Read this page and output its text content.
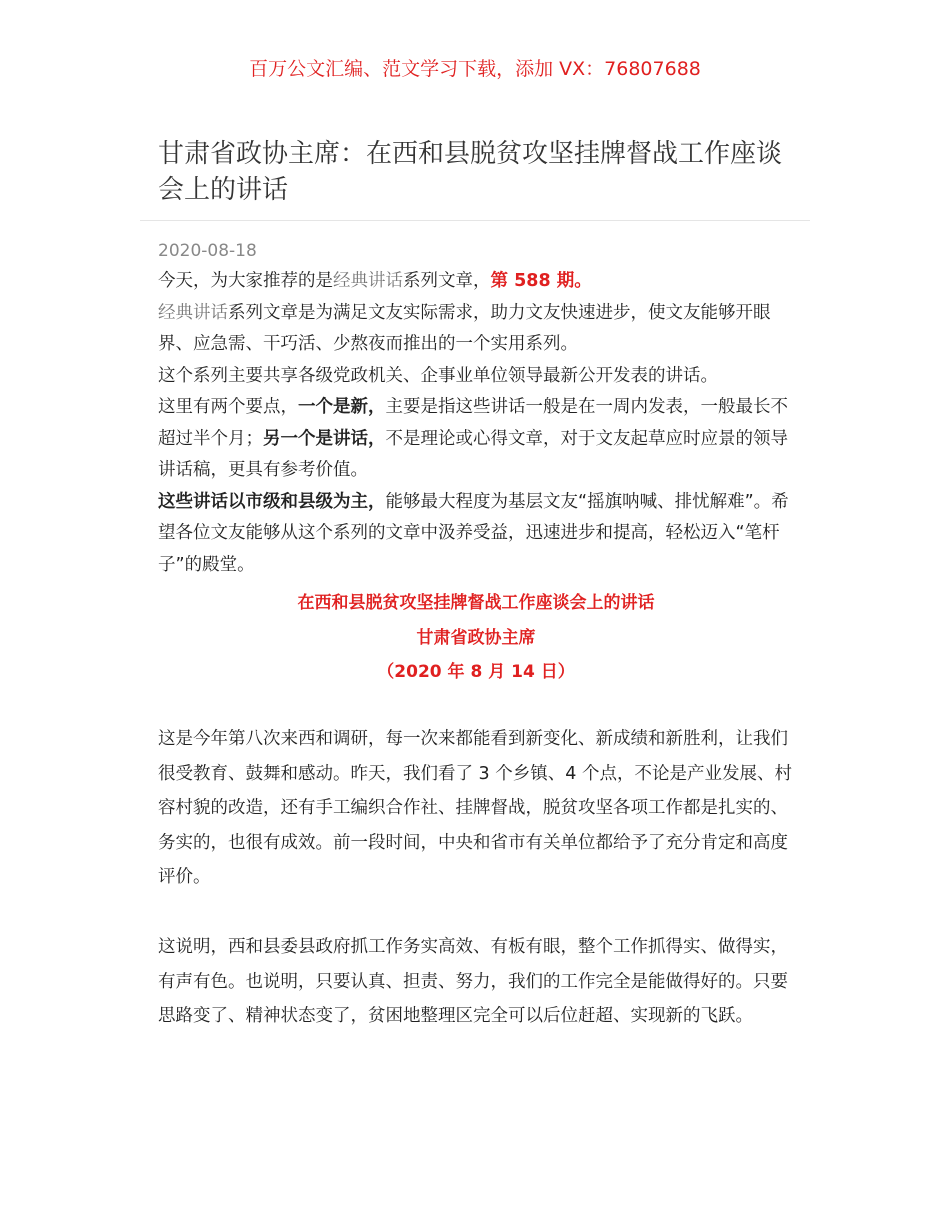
百万公文汇编、范文学习下载，添加 VX：76807688
甘肃省政协主席：在西和县脱贫攻坚挂牌督战工作座谈会上的讲话
2020-08-18

今天，为大家推荐的是经典讲话系列文章，第 588 期。

经典讲话系列文章是为满足文友实际需求，助力文友快速进步，使文友能够开眼界、应急需、干巧活、少熬夜而推出的一个实用系列。

这个系列主要共享各级党政机关、企事业单位领导最新公开发表的讲话。

这里有两个要点，一个是新，主要是指这些讲话一般是在一周内发表，一般最长不超过半个月；另一个是讲话，不是理论或心得文章，对于文友起草应时应景的领导讲话稿，更具有参考价值。

这些讲话以市级和县级为主，能够最大程度为基层文友“摇旗呐喊、排忧解难”。希望各位文友能够从这个系列的文章中汲养受益，迅速进步和提高，轻松迈入“笔杆子”的殿堂。

在西和县脱贫攻坚挂牌督战工作座谈会上的讲话
甘肃省政协主席
（2020 年 8 月 14 日）

这是今年第八次来西和调研，每一次来都能看到新变化、新成绩和新胜利，让我们很受教育、鼓舞和感动。昨天，我们看了 3 个乡镇、4 个点，不论是产业发展、村容村貌的改造，还有手工编织合作社、挂牌督战，脱贫攻坚各项工作都是扎实的、务实的，也很有成效。前一段时间，中央和省市有关单位都给予了充分肯定和高度评价。

这说明，西和县委县政府抓工作务实高效、有板有眼，整个工作抓得实、做得实，有声有色。也说明，只要认真、担责、努力，我们的工作完全是能做得好的。只要思路变了、精神状态变了，贫困地整理区完全可以后位赶超、实现新的飞跃。
